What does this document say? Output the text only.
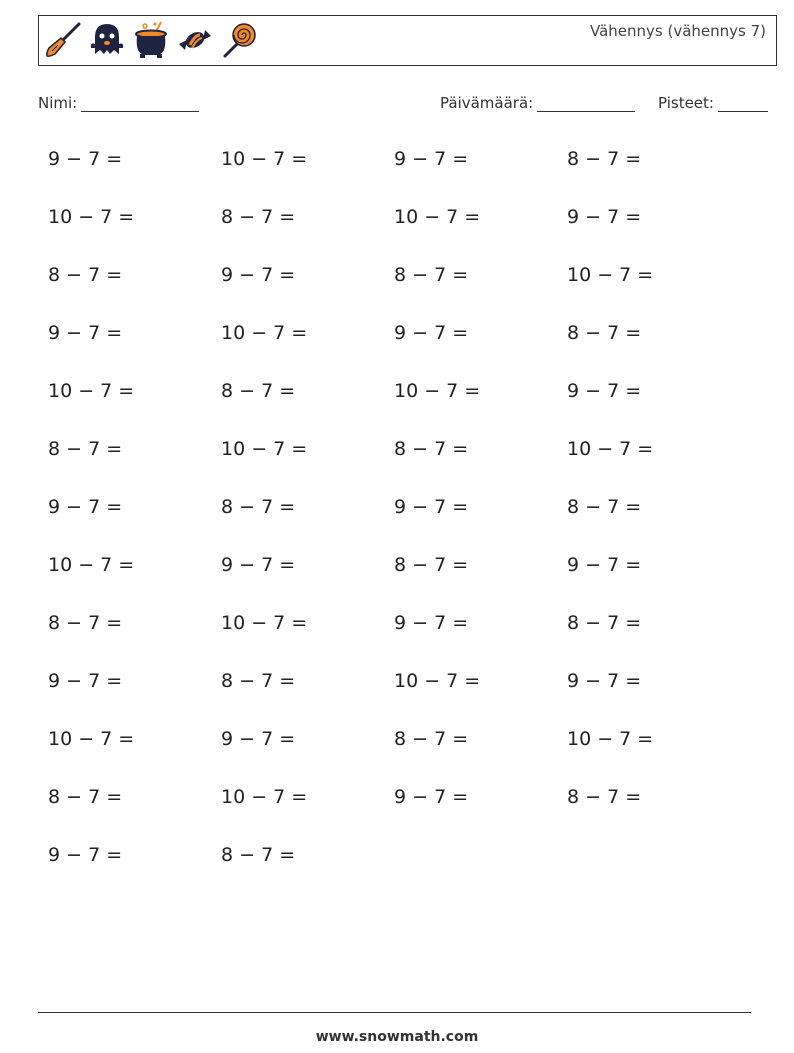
Vähennys (vähennys 7)
Nimi:	Päivämäärä:	Pisteet:
9 − 7 =	10 − 7 =	9 − 7 =	8 − 7 =
10 − 7 =	8 − 7 =	10 − 7 =	9 − 7 =
8 − 7 =	9 − 7 =	8 − 7 =	10 − 7 =
9 − 7 =	10 − 7 =	9 − 7 =	8 − 7 =
10 − 7 =	8 − 7 =	10 − 7 =	9 − 7 =
8 − 7 =	10 − 7 =	8 − 7 =	10 − 7 =
9 − 7 =	8 − 7 =	9 − 7 =	8 − 7 =
10 − 7 =	9 − 7 =	8 − 7 =	9 − 7 =
8 − 7 =	10 − 7 =	9 − 7 =	8 − 7 =
9 − 7 =	8 − 7 =	10 − 7 =	9 − 7 =
10 − 7 =	9 − 7 =	8 − 7 =	10 − 7 =
8 − 7 =	10 − 7 =	9 − 7 =	8 − 7 =
9 − 7 =	8 − 7 =
www.snowmath.com
